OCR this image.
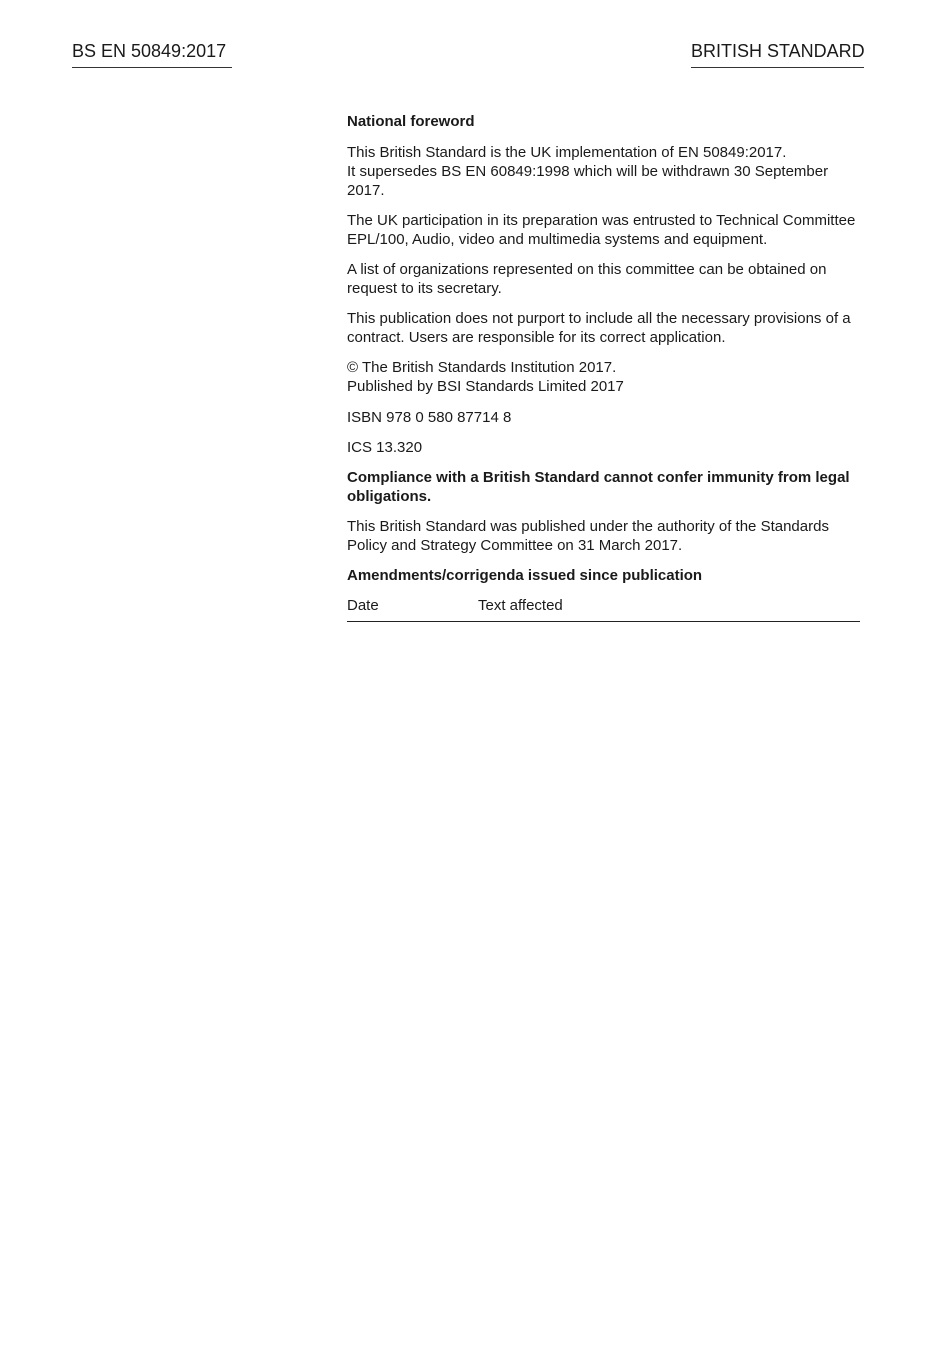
BS EN 50849:2017	BRITISH STANDARD

National foreword

This British Standard is the UK implementation of EN 50849:2017.
It supersedes BS EN 60849:1998 which will be withdrawn 30 September 2017.

The UK participation in its preparation was entrusted to Technical Committee EPL/100, Audio, video and multimedia systems and equipment.

A list of organizations represented on this committee can be obtained on request to its secretary.

This publication does not purport to include all the necessary provisions of a contract. Users are responsible for its correct application.

© The British Standards Institution 2017.
Published by BSI Standards Limited 2017

ISBN 978 0 580 87714 8

ICS 13.320

Compliance with a British Standard cannot confer immunity from legal obligations.

This British Standard was published under the authority of the Standards Policy and Strategy Committee on 31 March 2017.

Amendments/corrigenda issued since publication

Date	Text affected
